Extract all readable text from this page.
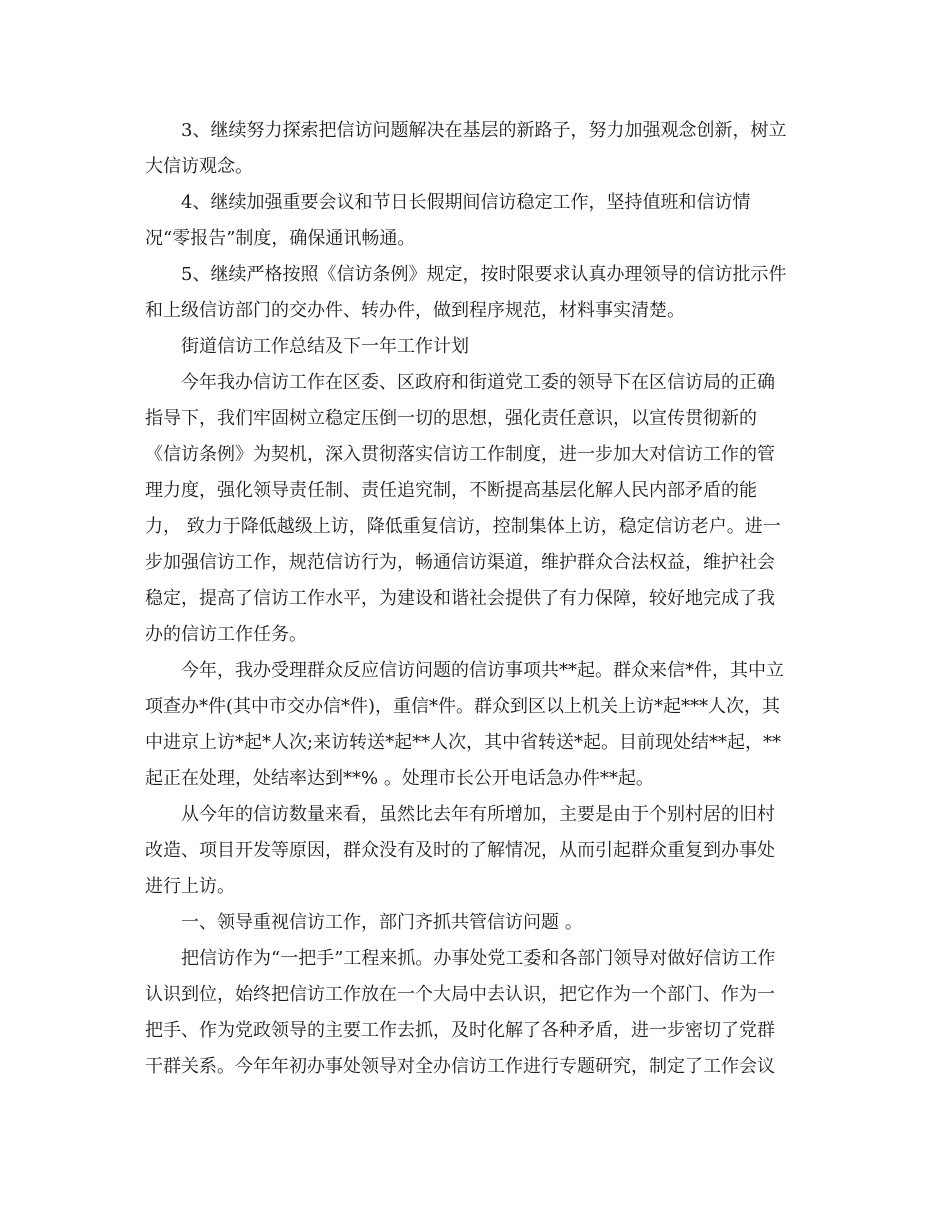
3、继续努力探索把信访问题解决在基层的新路子，努力加强观念创新，树立
大信访观念。
4、继续加强重要会议和节日长假期间信访稳定工作，坚持值班和信访情
况“零报告”制度，确保通讯畅通。
5、继续严格按照《信访条例》规定，按时限要求认真办理领导的信访批示件
和上级信访部门的交办件、转办件，做到程序规范，材料事实清楚。
街道信访工作总结及下一年工作计划
今年我办信访工作在区委、区政府和街道党工委的领导下在区信访局的正确
指导下，我们牢固树立稳定压倒一切的思想，强化责任意识，以宣传贯彻新的
《信访条例》为契机，深入贯彻落实信访工作制度，进一步加大对信访工作的管
理力度，强化领导责任制、责任追究制，不断提高基层化解人民内部矛盾的能
力， 致力于降低越级上访，降低重复信访，控制集体上访，稳定信访老户。进一
步加强信访工作，规范信访行为，畅通信访渠道，维护群众合法权益，维护社会
稳定，提高了信访工作水平，为建设和谐社会提供了有力保障，较好地完成了我
办的信访工作任务。
今年，我办受理群众反应信访问题的信访事项共**起。群众来信*件，其中立
项查办*件(其中市交办信*件)，重信*件。群众到区以上机关上访*起***人次，其
中进京上访*起*人次;来访转送*起**人次，其中省转送*起。目前现处结**起，**
起正在处理，处结率达到**% 。处理市长公开电话急办件**起。
从今年的信访数量来看，虽然比去年有所增加，主要是由于个别村居的旧村
改造、项目开发等原因，群众没有及时的了解情况，从而引起群众重复到办事处
进行上访。
一、领导重视信访工作，部门齐抓共管信访问题 。
把信访作为“一把手”工程来抓。办事处党工委和各部门领导对做好信访工作
认识到位，始终把信访工作放在一个大局中去认识，把它作为一个部门、作为一
把手、作为党政领导的主要工作去抓，及时化解了各种矛盾，进一步密切了党群
干群关系。今年年初办事处领导对全办信访工作进行专题研究，制定了工作会议
